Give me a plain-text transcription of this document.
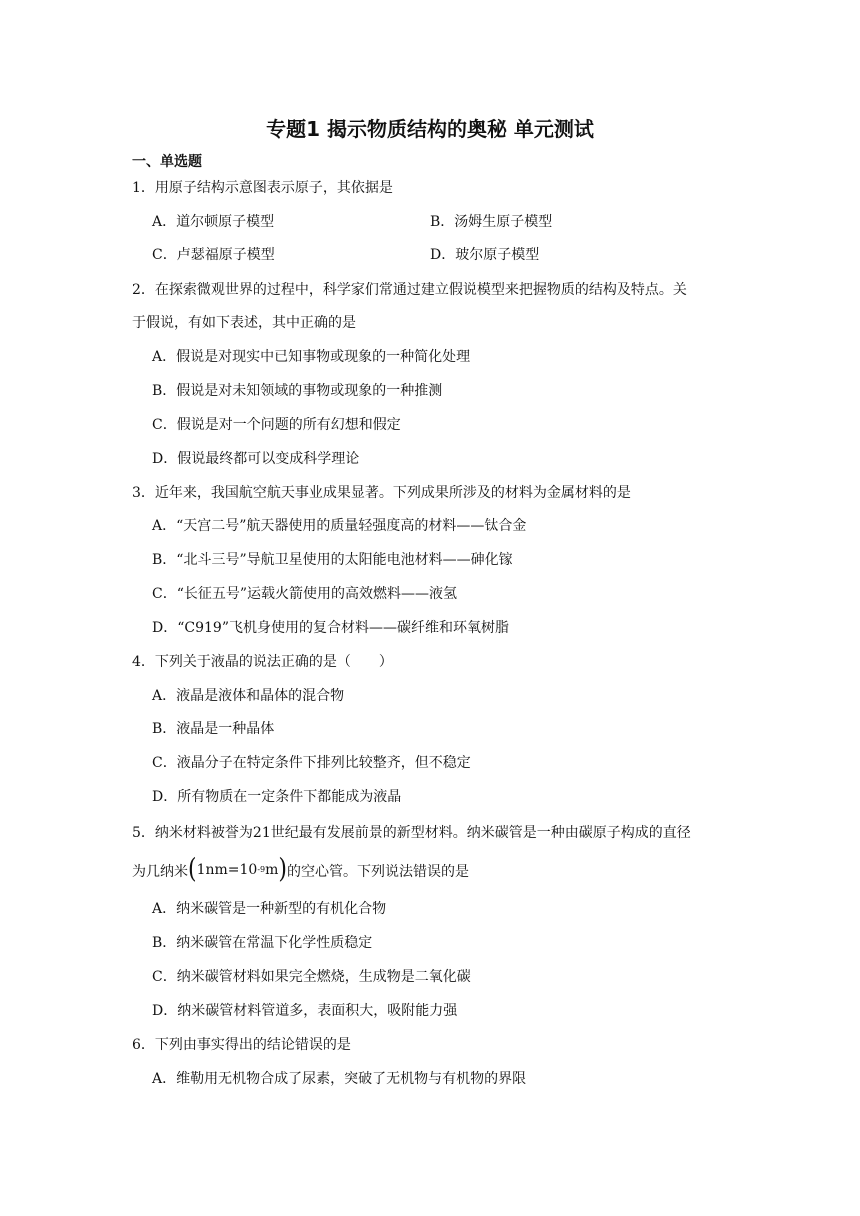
专题1 揭示物质结构的奥秘 单元测试
一、单选题
1．用原子结构示意图表示原子，其依据是
A．道尔顿原子模型	B．汤姆生原子模型
C．卢瑟福原子模型	D．玻尔原子模型
2．在探索微观世界的过程中，科学家们常通过建立假说模型来把握物质的结构及特点。关
于假说，有如下表述，其中正确的是
A．假说是对现实中已知事物或现象的一种简化处理
B．假说是对未知领域的事物或现象的一种推测
C．假说是对一个问题的所有幻想和假定
D．假说最终都可以变成科学理论
3．近年来，我国航空航天事业成果显著。下列成果所涉及的材料为金属材料的是
A．“天宫二号”航天器使用的质量轻强度高的材料——钛合金
B．“北斗三号”导航卫星使用的太阳能电池材料——砷化镓
C．“长征五号”运载火箭使用的高效燃料——液氢
D．“C919”飞机身使用的复合材料——碳纤维和环氧树脂
4．下列关于液晶的说法正确的是（　　）
A．液晶是液体和晶体的混合物
B．液晶是一种晶体
C．液晶分子在特定条件下排列比较整齐，但不稳定
D．所有物质在一定条件下都能成为液晶
5．纳米材料被誉为21世纪最有发展前景的新型材料。纳米碳管是一种由碳原子构成的直径
为几纳米 ( 1nm=10 -9 m ) 的空心管。下列说法错误的是
A．纳米碳管是一种新型的有机化合物
B．纳米碳管在常温下化学性质稳定
C．纳米碳管材料如果完全燃烧，生成物是二氧化碳
D．纳米碳管材料管道多，表面积大，吸附能力强
6．下列由事实得出的结论错误的是
A．维勒用无机物合成了尿素，突破了无机物与有机物的界限
